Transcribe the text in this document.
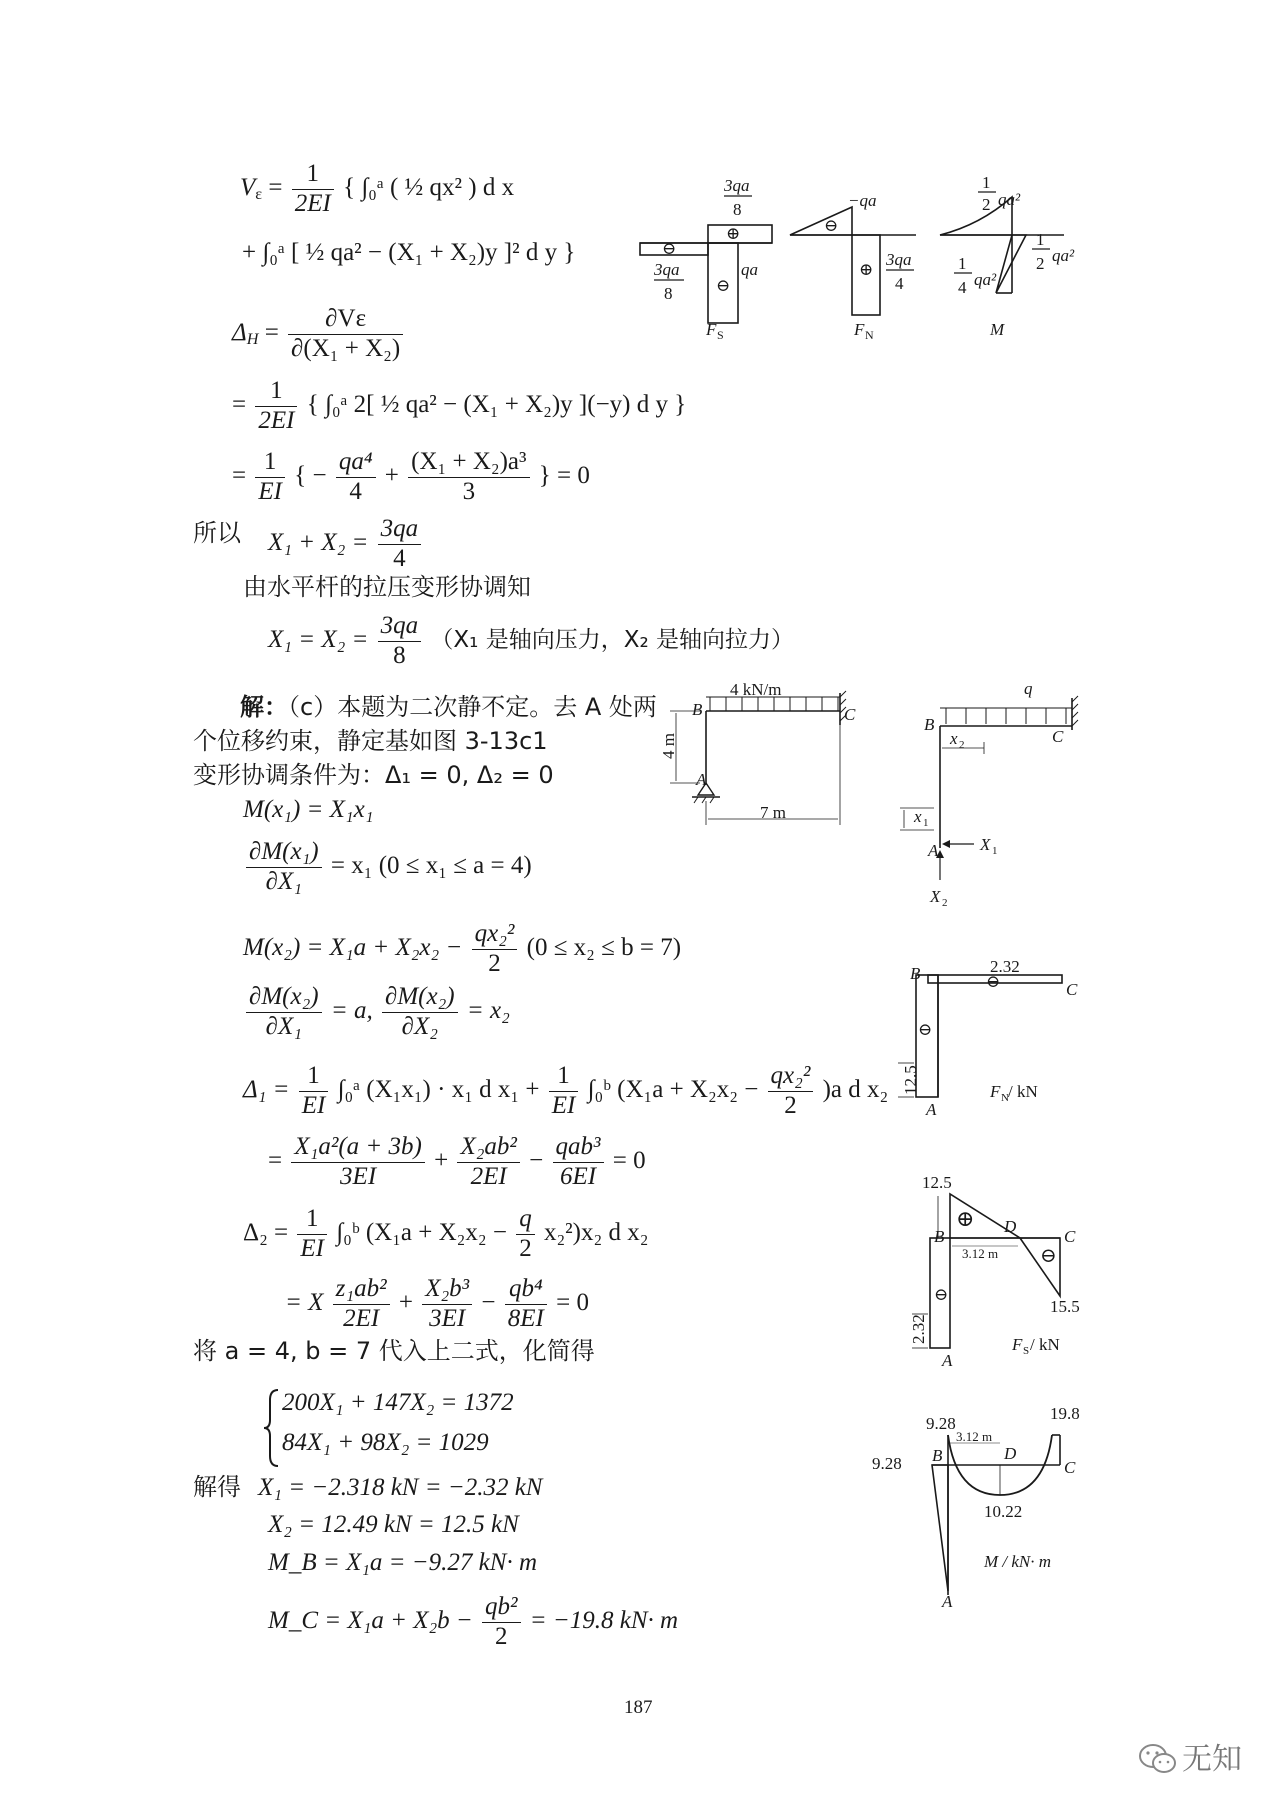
$V_\varepsilon = \frac{1}{2EI}$ { ∫₀ᵃ ( ½ qx² ) d x
+ ∫₀ᵃ [ ½ qa² − (X₁ + X₂)y ]² d y }
$\Delta_H = \frac{\partial V\varepsilon}{\text{∂(X₁ + X₂)}}$
= $\frac{1}{2EI}$ { ∫₀ᵃ 2[ ½ qa² − (X₁ + X₂)y ](−y) d y }
= $\frac{1}{EI}$ { − $\frac{\text{qa⁴}}{4} + \frac{\text{(X₁ + X₂)a³}}{3}$ } = 0
所以 $X_1 + X_2 = \frac{3qa}{4}$
由水平杆的拉压变形协调知
$X_1 = X_2 = \frac{3qa}{8} (X_1$ 是轴向压力，X₂ 是轴向拉力）
解：（c）本题为二次静不定。去 A 处两
个位移约束，静定基如图 3-13c1
变形协调条件为：Δ₁ = 0, Δ₂ = 0
M(x₁) = X₁x₁
$\frac{\text{∂M(x₁)}}{\text{∂X₁}} = x_1$ (0 ≤ x₁ ≤ a = 4)
$M(x_2) = X_1a + X_2x_2 - \frac{\text{qx₂²}}{2} (0 \le x_2 \le b = 7)$
$\frac{\text{∂M(x₂)}}{\text{∂X₁}} = a$, $\frac{\text{∂M(x₂)}}{\text{∂X₂}} = x_2$
$\Delta_1 = \frac{1}{EI}$ ∫₀ᵃ (X₁x₁) · x₁ d $x_1 + \frac{1}{EI}$ ∫₀ᵇ $(X_1a + X_2x_2 - \frac{\text{qx₂²}}{2} )a$ d x₂
= $\frac{\text{X₁a²(a + 3b)}}{3EI} + \frac{\text{X₂ab²}}{2EI} - \frac{\text{qab³}}{6EI} = 0$
$\Delta_2 = \frac{1}{EI}$ ∫₀ᵇ $(X_1a + X_2x_2 - \frac{q}{2} x_2^2)x_2$ d x₂
= X $\frac{\text{z₁ab²}}{2EI} + \frac{\text{X₂b³}}{3EI} - \frac{\text{qb⁴}}{8EI} = 0$
将 a = 4, b = 7 代入上二式，化简得
200X₁ + 147X₂ = 1372
84X₁ + 98X₂ = 1029
解得 X₁ = −2.318 kN = −2.32 kN
X₂ = 12.49 kN = 12.5 kN
M_B = X₁a = −9.27 kN· m
M_C = $X_1a + X_2b - \frac{\text{qb²}}{2} = -19.8$ kN· m
187
无知
⊖
⊕
⊖
3qa
8
3qa
8
qa
F S
⊖
⊕
−qa
3qa
4
F N
1
2 qa²
1
2 qa²
1
4 qa²
M
4 kN/m
B	C
A
4 m
7 m
q
B
C
A
x 2
x 1
X 1
X 2
⊖
⊖
2.32
12.5
B
C
A
F N / kN
⊕
⊖
⊖
12.5
15.5
2.32
3.12 m
B	C
D
A
F S / kN
9.28
9.28
19.8
10.22
3.12 m
B
C
D
A
M / kN· m
